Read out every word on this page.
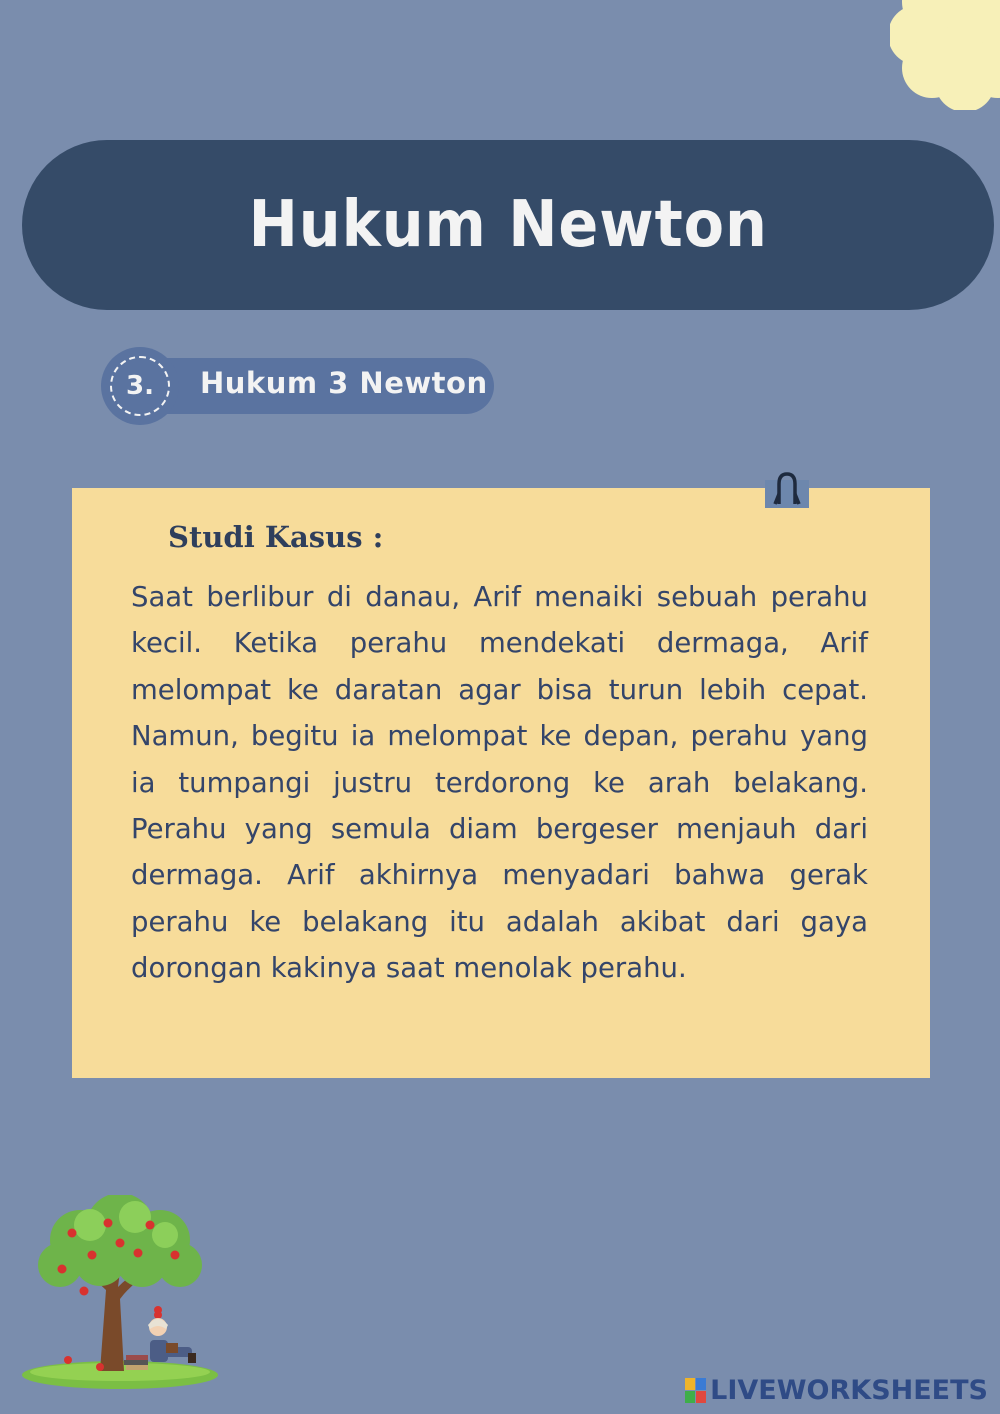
Hukum Newton
3.	Hukum 3 Newton
Studi Kasus :

Saat berlibur di danau, Arif menaiki sebuah perahu kecil. Ketika perahu mendekati dermaga, Arif melompat ke daratan agar bisa turun lebih cepat. Namun, begitu ia melompat ke depan, perahu yang ia tumpangi justru terdorong ke arah belakang. Perahu yang semula diam bergeser menjauh dari dermaga. Arif akhirnya menyadari bahwa gerak perahu ke belakang itu adalah akibat dari gaya dorongan kakinya saat menolak perahu.

LIVEWORKSHEETS
